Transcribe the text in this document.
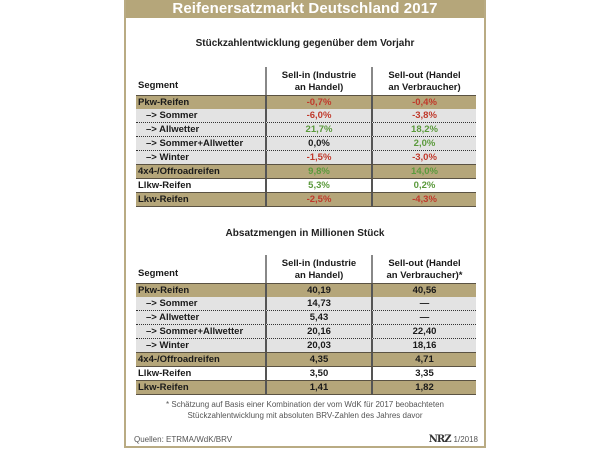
Reifenersatzmarkt Deutschland 2017
Stückzahlentwicklung gegenüber dem Vorjahr
Segment
Sell-in (Industrie
an Handel)
Sell-out (Handel
an Verbraucher)
Pkw-Reifen	-0,7%	-0,4%
–> Sommer	-6,0%	-3,8%
–> Allwetter	21,7%	18,2%
–> Sommer+Allwetter	0,0%	2,0%
–> Winter	-1,5%	-3,0%
4x4-/Offroadreifen	9,8%	14,0%
Llkw-Reifen	5,3%	0,2%
Lkw-Reifen	-2,5%	-4,3%
Absatzmengen in Millionen Stück
Segment
Sell-in (Industrie
an Handel)
Sell-out (Handel
an Verbraucher)*
Pkw-Reifen	40,19	40,56
–> Sommer	14,73	—
–> Allwetter	5,43	—
–> Sommer+Allwetter	20,16	22,40
–> Winter	20,03	18,16
4x4-/Offroadreifen	4,35	4,71
Llkw-Reifen	3,50	3,35
Lkw-Reifen	1,41	1,82
* Schätzung auf Basis einer Kombination der vom WdK für 2017 beobachteten
Stückzahlentwicklung mit absoluten BRV-Zahlen des Jahres davor
Quellen: ETRMA/WdK/BRV	NRZ 1/2018
